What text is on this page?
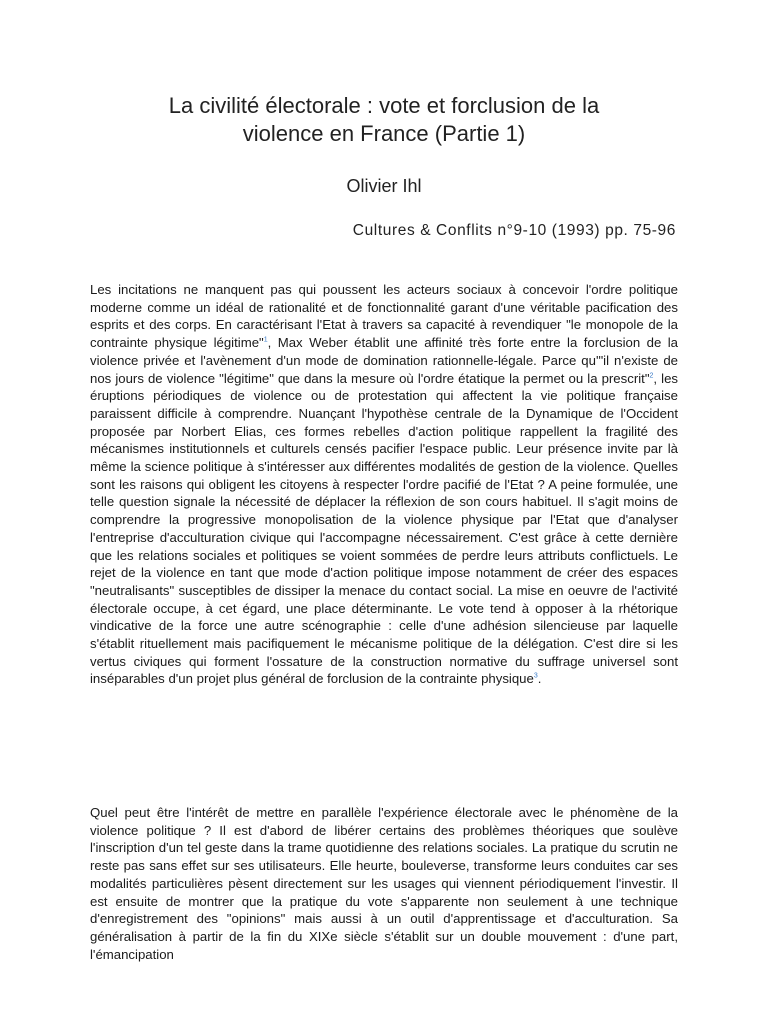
La civilité électorale : vote et forclusion de la
violence en France (Partie 1)

Olivier Ihl

Cultures & Conflits n°9-10 (1993) pp. 75-96

Les incitations ne manquent pas qui poussent les acteurs sociaux à concevoir l'ordre politique moderne comme un idéal de rationalité et de fonctionnalité garant d'une véritable pacification des esprits et des corps. En caractérisant l'Etat à travers sa capacité à revendiquer "le monopole de la contrainte physique légitime"$^1$, Max Weber établit une affinité très forte entre la forclusion de la violence privée et l'avènement d'un mode de domination rationnelle-légale. Parce qu'"il n'existe de nos jours de violence "légitime" que dans la mesure où l'ordre étatique la permet ou la prescrit"$^2$, les éruptions périodiques de violence ou de protestation qui affectent la vie politique française paraissent difficile à comprendre. Nuançant l'hypothèse centrale de la Dynamique de l'Occident proposée par Norbert Elias, ces formes rebelles d'action politique rappellent la fragilité des mécanismes institutionnels et culturels censés pacifier l'espace public. Leur présence invite par là même la science politique à s'intéresser aux différentes modalités de gestion de la violence. Quelles sont les raisons qui obligent les citoyens à respecter l'ordre pacifié de l'Etat ? A peine formulée, une telle question signale la nécessité de déplacer la réflexion de son cours habituel. Il s'agit moins de comprendre la progressive monopolisation de la violence physique par l'Etat que d'analyser l'entreprise d'acculturation civique qui l'accompagne nécessairement. C'est grâce à cette dernière que les relations sociales et politiques se voient sommées de perdre leurs attributs conflictuels. Le rejet de la violence en tant que mode d'action politique impose notamment de créer des espaces "neutralisants" susceptibles de dissiper la menace du contact social. La mise en oeuvre de l'activité électorale occupe, à cet égard, une place déterminante. Le vote tend à opposer à la rhétorique vindicative de la force une autre scénographie : celle d'une adhésion silencieuse par laquelle s'établit rituellement mais pacifiquement le mécanisme politique de la délégation. C'est dire si les vertus civiques qui forment l'ossature de la construction normative du suffrage universel sont inséparables d'un projet plus général de forclusion de la contrainte physique$^3$.

Quel peut être l'intérêt de mettre en parallèle l'expérience électorale avec le phénomène de la violence politique ? Il est d'abord de libérer certains des problèmes théoriques que soulève l'inscription d'un tel geste dans la trame quotidienne des relations sociales. La pratique du scrutin ne reste pas sans effet sur ses utilisateurs. Elle heurte, bouleverse, transforme leurs conduites car ses modalités particulières pèsent directement sur les usages qui viennent périodiquement l'investir. Il est ensuite de montrer que la pratique du vote s'apparente non seulement à une technique d'enregistrement des "opinions" mais aussi à un outil d'apprentissage et d'acculturation. Sa généralisation à partir de la fin du XIXe siècle s'établit sur un double mouvement : d'une part, l'émancipation
